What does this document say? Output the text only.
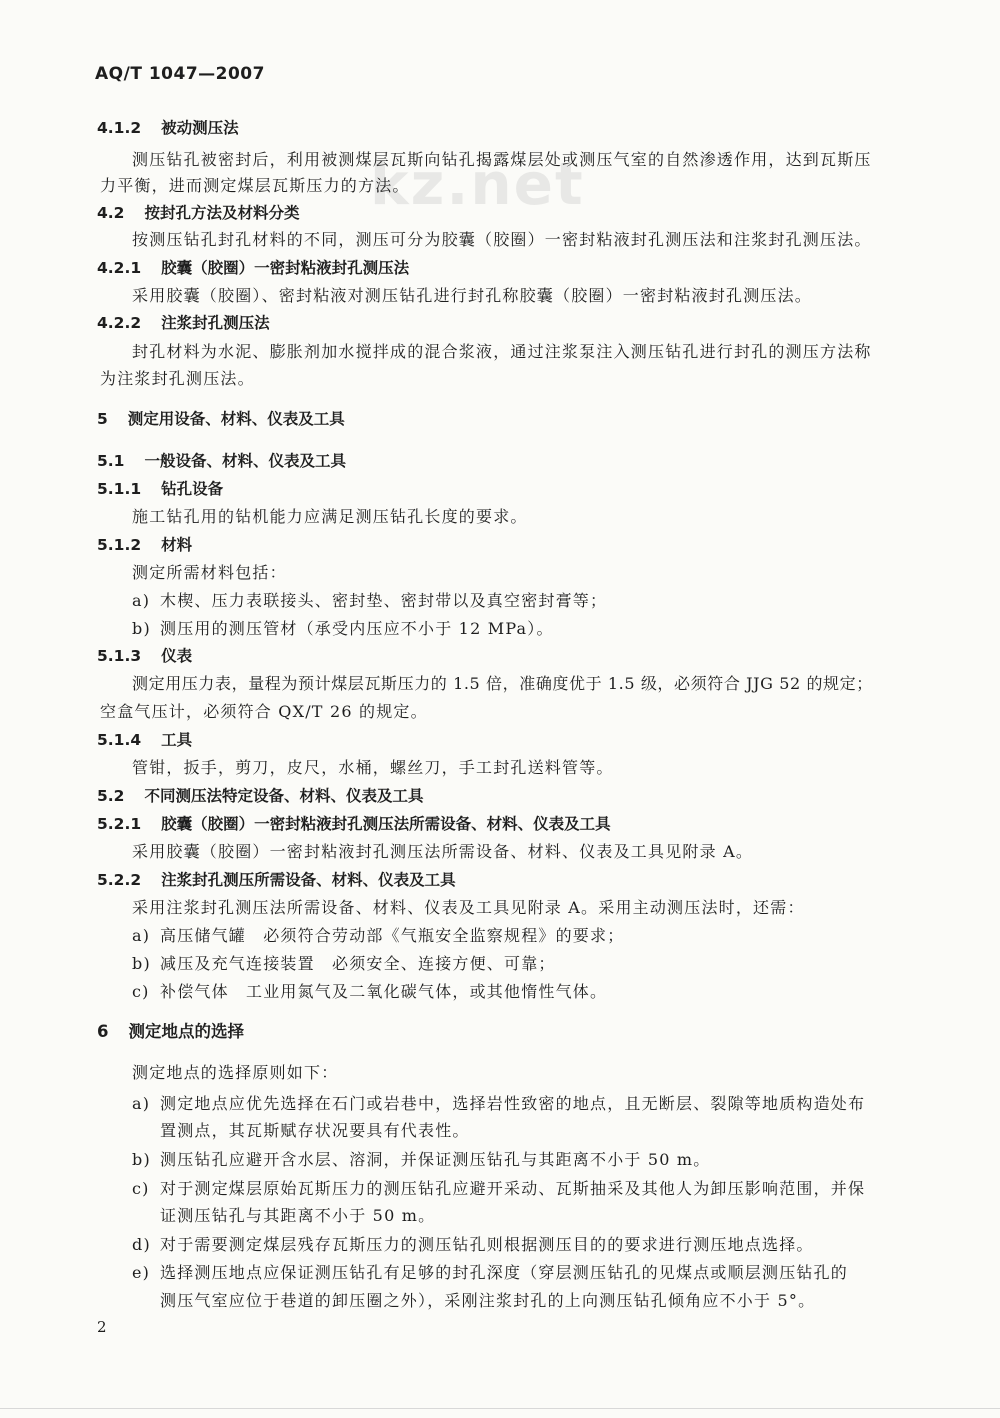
AQ/T 1047—2007
kz.net
4.1.2 被动测压法
测压钻孔被密封后，利用被测煤层瓦斯向钻孔揭露煤层处或测压气室的自然渗透作用，达到瓦斯压
力平衡，进而测定煤层瓦斯压力的方法。
4.2 按封孔方法及材料分类
按测压钻孔封孔材料的不同，测压可分为胶囊（胶圈）一密封粘液封孔测压法和注浆封孔测压法。
4.2.1 胶囊（胶圈）一密封粘液封孔测压法
采用胶囊（胶圈）、密封粘液对测压钻孔进行封孔称胶囊（胶圈）一密封粘液封孔测压法。
4.2.2 注浆封孔测压法
封孔材料为水泥、膨胀剂加水搅拌成的混合浆液，通过注浆泵注入测压钻孔进行封孔的测压方法称
为注浆封孔测压法。
5 测定用设备、材料、仪表及工具
5.1 一般设备、材料、仪表及工具
5.1.1 钻孔设备
施工钻孔用的钻机能力应满足测压钻孔长度的要求。
5.1.2 材料
测定所需材料包括：
a) 木楔、压力表联接头、密封垫、密封带以及真空密封膏等；
b) 测压用的测压管材（承受内压应不小于 12 MPa）。
5.1.3 仪表
测定用压力表，量程为预计煤层瓦斯压力的 1.5 倍，准确度优于 1.5 级，必须符合 JJG 52 的规定；
空盒气压计，必须符合 QX/T 26 的规定。
5.1.4 工具
管钳，扳手，剪刀，皮尺，水桶，螺丝刀，手工封孔送料管等。
5.2 不同测压法特定设备、材料、仪表及工具
5.2.1 胶囊（胶圈）一密封粘液封孔测压法所需设备、材料、仪表及工具
采用胶囊（胶圈）一密封粘液封孔测压法所需设备、材料、仪表及工具见附录 A。
5.2.2 注浆封孔测压所需设备、材料、仪表及工具
采用注浆封孔测压法所需设备、材料、仪表及工具见附录 A。采用主动测压法时，还需：
a) 高压储气罐　必须符合劳动部《气瓶安全监察规程》的要求；
b) 减压及充气连接装置　必须安全、连接方便、可靠；
c) 补偿气体　工业用氮气及二氧化碳气体，或其他惰性气体。
6 测定地点的选择
测定地点的选择原则如下：
a) 测定地点应优先选择在石门或岩巷中，选择岩性致密的地点，且无断层、裂隙等地质构造处布
置测点，其瓦斯赋存状况要具有代表性。
b) 测压钻孔应避开含水层、溶洞，并保证测压钻孔与其距离不小于 50 m。
c) 对于测定煤层原始瓦斯压力的测压钻孔应避开采动、瓦斯抽采及其他人为卸压影响范围，并保
证测压钻孔与其距离不小于 50 m。
d) 对于需要测定煤层残存瓦斯压力的测压钻孔则根据测压目的的要求进行测压地点选择。
e) 选择测压地点应保证测压钻孔有足够的封孔深度（穿层测压钻孔的见煤点或顺层测压钻孔的
测压气室应位于巷道的卸压圈之外），采刚注浆封孔的上向测压钻孔倾角应不小于 5°。
2
